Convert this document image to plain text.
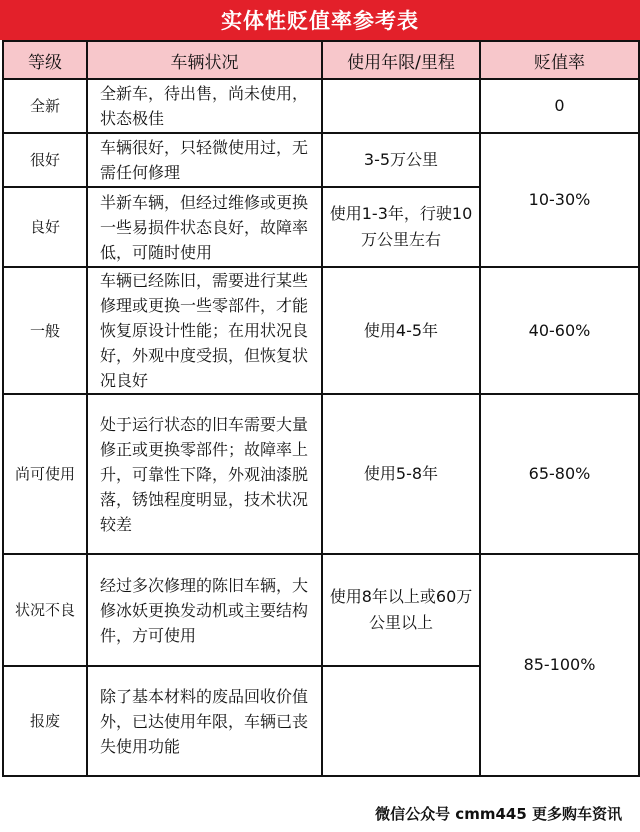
实体性贬值率参考表
等级	车辆状况	使用年限/里程	贬值率
全新	全新车，待出售，尚未使用，状态极佳		0
很好	车辆很好，只轻微使用过，无需任何修理	3-5万公里	10-30%
良好	半新车辆，但经过维修或更换一些易损件状态良好，故障率低，可随时使用	使用1-3年，行驶10万公里左右	
一般	车辆已经陈旧，需要进行某些修理或更换一些零部件，才能恢复原设计性能；在用状况良好，外观中度受损，但恢复状况良好	使用4-5年	40-60%
尚可使用	处于运行状态的旧车需要大量修正或更换零部件；故障率上升，可靠性下降，外观油漆脱落，锈蚀程度明显，技术状况较差	使用5-8年	65-80%
状况不良	经过多次修理的陈旧车辆，大修冰妖更换发动机或主要结构件，方可使用	使用8年以上或60万公里以上	85-100%
报废	除了基本材料的废品回收价值外，已达使用年限，车辆已丧失使用功能		
微信公众号 cmm445 更多购车资讯
